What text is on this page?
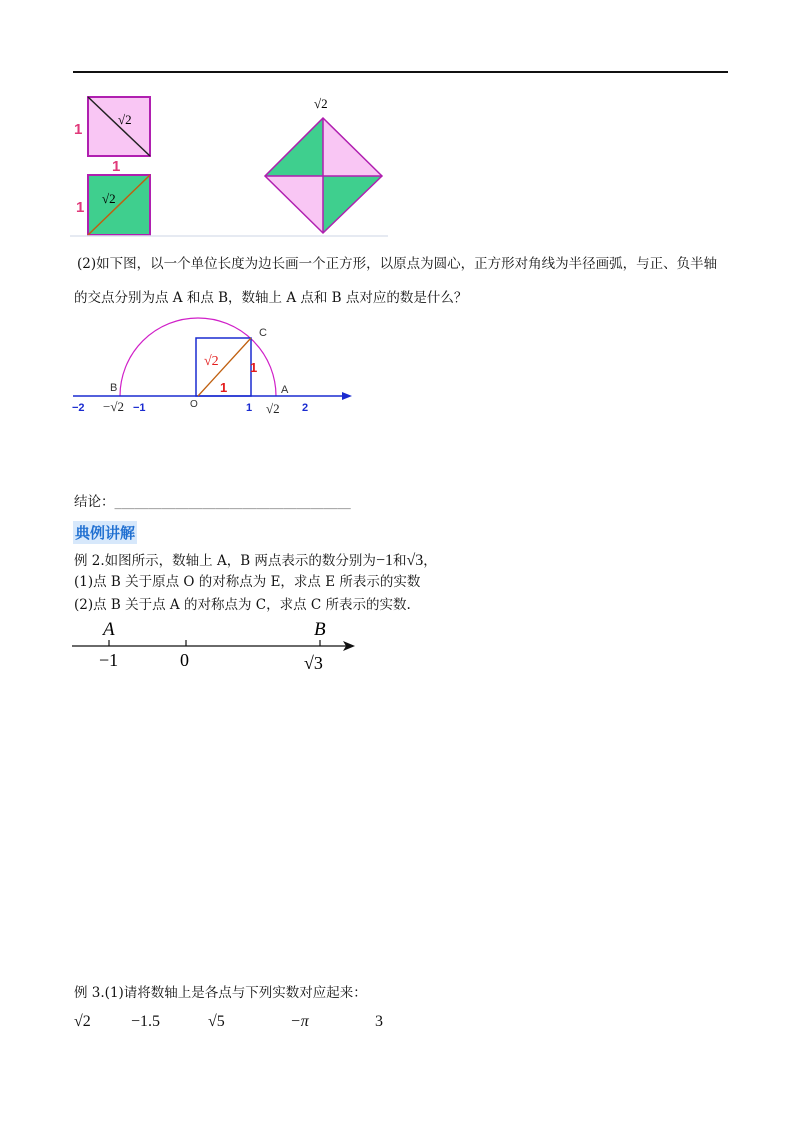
1
1
√2
1
√2
√2
(2)如下图，以一个单位长度为边长画一个正方形，以原点为圆心，正方形对角线为半径画弧，与正、负半轴
的交点分别为点 A 和点 B，数轴上 A 点和 B 点对应的数是什么？
C
B	A
O
√2 1
1
−2 −√2 −1	1 √2 2
结论：___________________________________
典例讲解
例 2.如图所示，数轴上 A，B 两点表示的数分别为−1和√3，
(1)点 B 关于原点 O 的对称点为 E，求点 E 所表示的实数
(2)点 B 关于点 A 的对称点为 C，求点 C 所表示的实数.
A	B
−1	0	√3
例 3.(1)请将数轴上是各点与下列实数对应起来：
√2	−1.5	√5	−π	3
